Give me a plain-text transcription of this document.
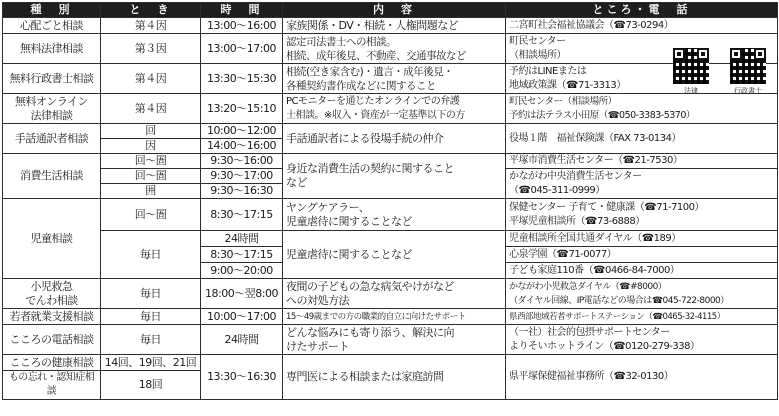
種　別	と　き	時　間	内　容	ところ・電　話
心配ごと相談	第４因	13:00～16:00	家族関係・DV・相続・人権問題など	二宮町社会福祉協議会（☎73-0294）
無料法律相談	第３因	13:00～17:00	認定司法書士への相談。
相続、成年後見、不動産、交通事故など	町民センター
（相談場所）
無料行政書士相談	第４因	13:30～15:30	相続(空き家含む)・遺言・成年後見・
各種契約書作成などに関すること	予約はLINEまたは
地域政策課（☎71-3313）
無料オンライン
法律相談	第４因	13:20～15:10	PCモニターを通じたオンラインでの弁護
士相談。※収入・資産が一定基準以下の方	町民センター（相談場所）
予約は法テラス小田原（☎050-3383-5370）
手話通訳者相談	回	10:00～12:00	手話通訳者による役場手続の仲介	役場１階　福祉保険課（FAX 73-0134）
	因	14:00～16:00		
消費生活相談	回～圄	9:30～16:00	身近な消費生活の契約に関すること
など	平塚市消費生活センター（☎21-7530）
	回～圄	9:30～17:00		かながわ中央消費生活センター
（☎045-311-0999）
	囲	9:30～16:30		
児童相談	回～圄	8:30～17:15	ヤングケアラー、
児童虐待に関することなど	保健センター 子育て・健康課（☎71-7100）
平塚児童相談所（☎73-6888）
	毎日	24時間	児童虐待に関することなど	児童相談所全国共通ダイヤル（☎189）
		8:30～17:15		心泉学園（☎71-0077）
		9:00～20:00		子ども家庭110番（☎0466-84-7000）
小児救急
でんわ相談	毎日	18:00～翌8:00	夜間の子どもの急な病気やけがなど
への対処方法	かながわ小児救急ダイヤル（☎#8000）
（ダイヤル回線、IP電話などの場合は☎045-722-8000）
若者就業支援相談	毎日	10:00～17:00	15～49歳までの方の職業的自立に向けたサポート	県西部地域若者サポートステーション（☎0465-32-4115）
こころの電話相談	毎日	24時間	どんな悩みにも寄り添う、解決に向
けたサポート	（一社）社会的包摂サポートセンター
よりそいホットライン（☎0120-279-338）
こころの健康相談	14回、19回、21回	13:30～16:30	専門医による相談または家庭訪問	県平塚保健福祉事務所（☎32-0130）
もの忘れ・認知症相談	18回			
法律	行政書士
